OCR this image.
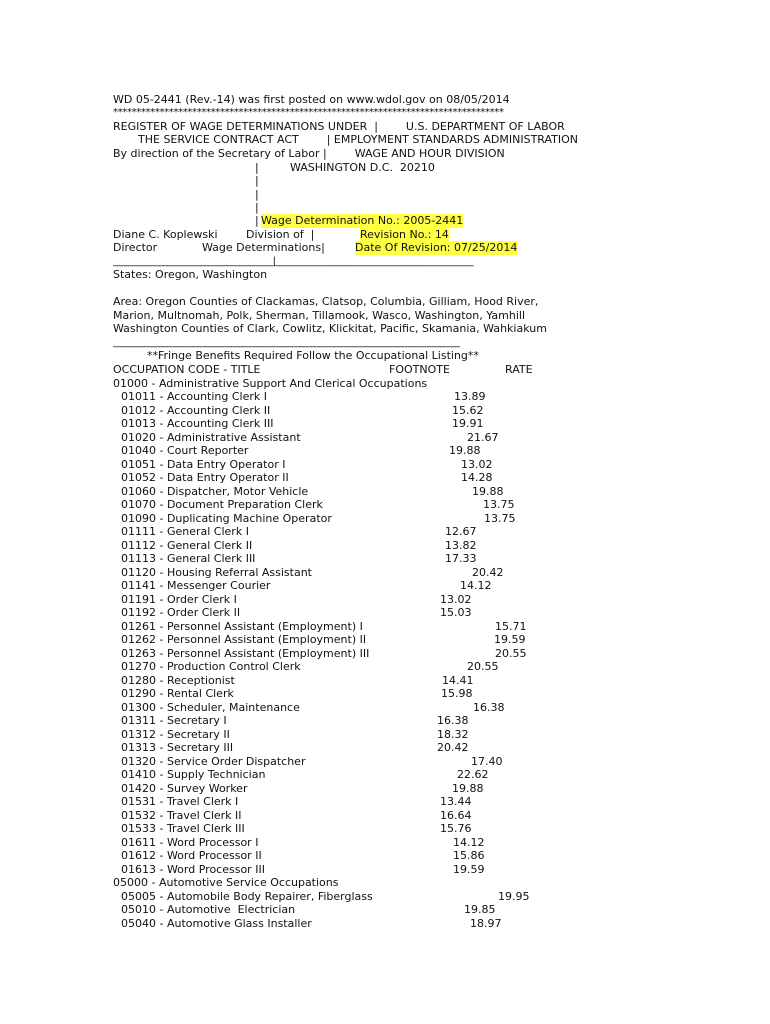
WD 05-2441 (Rev.-14) was first posted on www.wdol.gov on 08/05/2014
************************************************************************************
REGISTER OF WAGE DETERMINATIONS UNDER  |        U.S. DEPARTMENT OF LABOR
THE SERVICE CONTRACT ACT        | EMPLOYMENT STANDARDS ADMINISTRATION
By direction of the Secretary of Labor |        WAGE AND HOUR DIVISION
|	WASHINGTON D.C.  20210
|
|
|
| Wage Determination No.: 2005-2441
Diane C. Koplewski	Division of  |	Revision No.: 14
Director	Wage Determinations|	Date Of Revision: 07/25/2014
__________________________________________|____________________________________________________
States: Oregon, Washington
Area: Oregon Counties of Clackamas, Clatsop, Columbia, Gilliam, Hood River,
Marion, Multnomah, Polk, Sherman, Tillamook, Wasco, Washington, Yamhill
Washington Counties of Clark, Cowlitz, Klickitat, Pacific, Skamania, Wahkiakum
___________________________________________________________________________________________
**Fringe Benefits Required Follow the Occupational Listing**
OCCUPATION CODE - TITLE	FOOTNOTE	RATE
01000 - Administrative Support And Clerical Occupations
01011 - Accounting Clerk I	13.89
01012 - Accounting Clerk II	15.62
01013 - Accounting Clerk III	19.91
01020 - Administrative Assistant	21.67
01040 - Court Reporter	19.88
01051 - Data Entry Operator I	13.02
01052 - Data Entry Operator II	14.28
01060 - Dispatcher, Motor Vehicle	19.88
01070 - Document Preparation Clerk	13.75
01090 - Duplicating Machine Operator	13.75
01111 - General Clerk I	12.67
01112 - General Clerk II	13.82
01113 - General Clerk III	17.33
01120 - Housing Referral Assistant	20.42
01141 - Messenger Courier	14.12
01191 - Order Clerk I	13.02
01192 - Order Clerk II	15.03
01261 - Personnel Assistant (Employment) I	15.71
01262 - Personnel Assistant (Employment) II	19.59
01263 - Personnel Assistant (Employment) III	20.55
01270 - Production Control Clerk	20.55
01280 - Receptionist	14.41
01290 - Rental Clerk	15.98
01300 - Scheduler, Maintenance	16.38
01311 - Secretary I	16.38
01312 - Secretary II	18.32
01313 - Secretary III	20.42
01320 - Service Order Dispatcher	17.40
01410 - Supply Technician	22.62
01420 - Survey Worker	19.88
01531 - Travel Clerk I	13.44
01532 - Travel Clerk II	16.64
01533 - Travel Clerk III	15.76
01611 - Word Processor I	14.12
01612 - Word Processor II	15.86
01613 - Word Processor III	19.59
05000 - Automotive Service Occupations
05005 - Automobile Body Repairer, Fiberglass	19.95
05010 - Automotive  Electrician	19.85
05040 - Automotive Glass Installer	18.97
